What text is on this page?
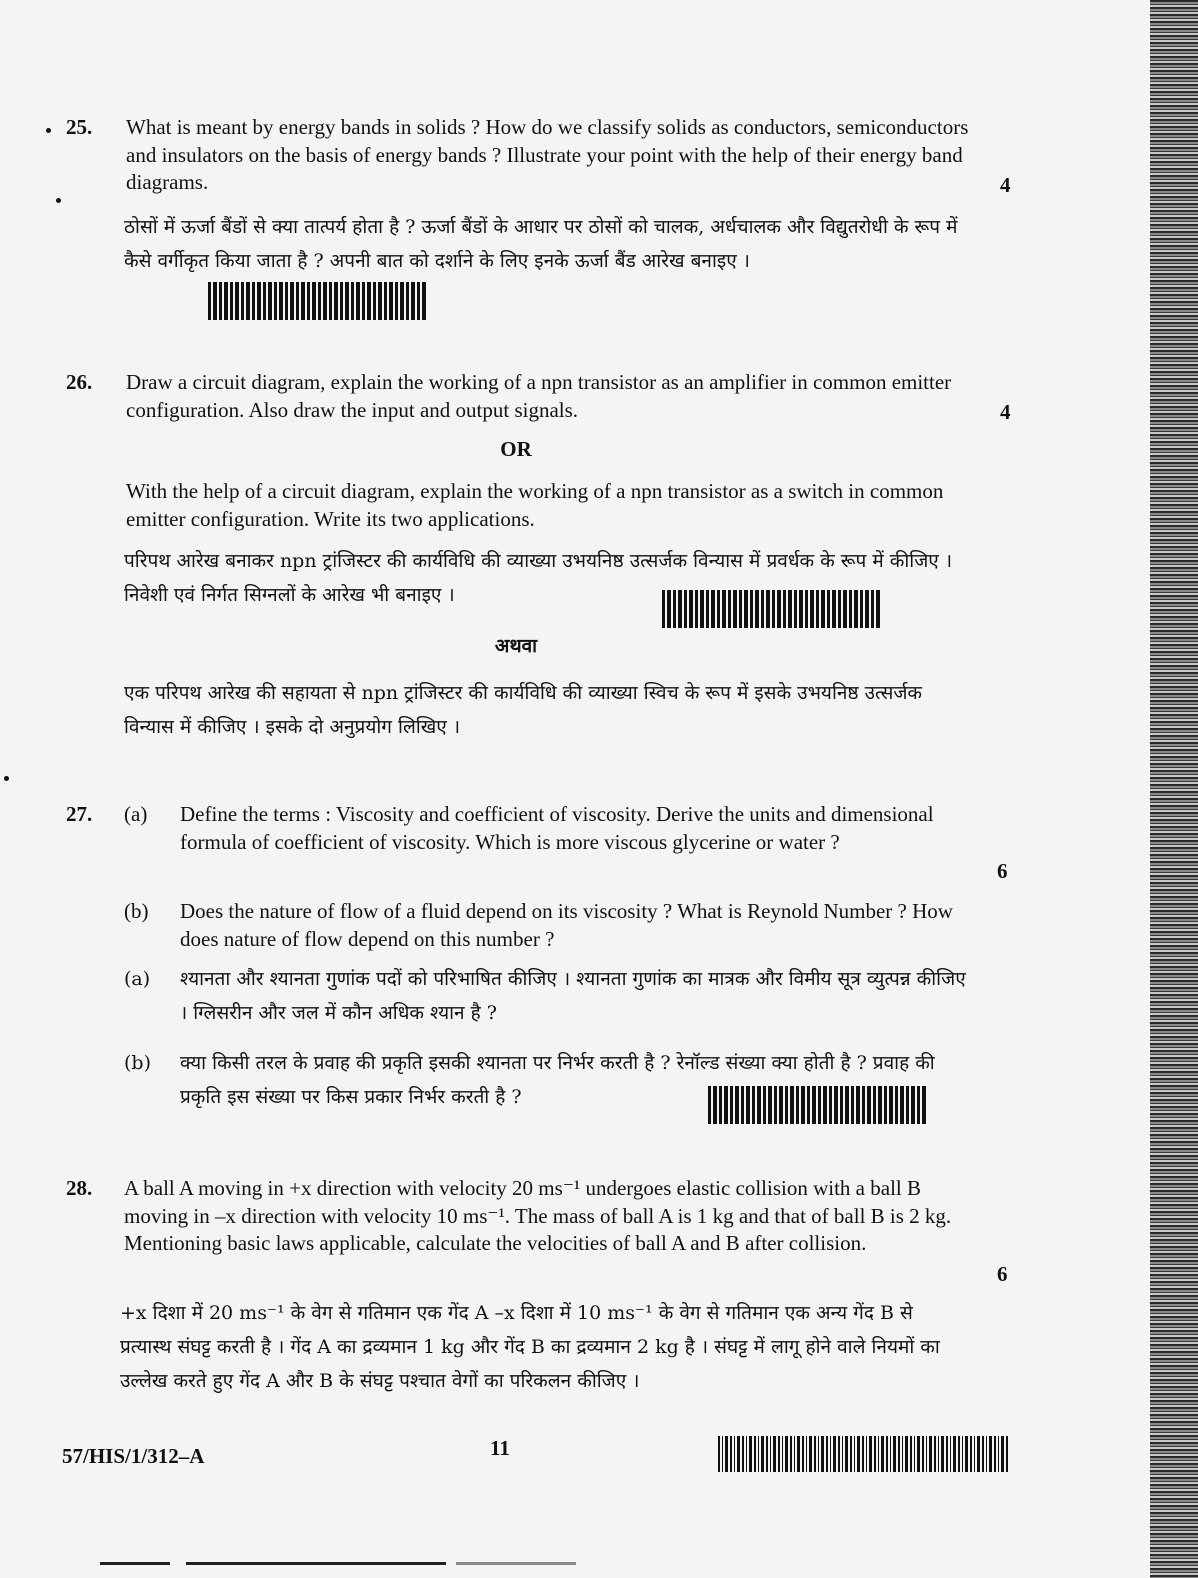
25. What is meant by energy bands in solids ? How do we classify solids as conductors, semiconductors and insulators on the basis of energy bands ? Illustrate your point with the help of their energy band diagrams.	4
ठोसों में ऊर्जा बैंडों से क्या तात्पर्य होता है ? ऊर्जा बैंडों के आधार पर ठोसों को चालक, अर्धचालक और विद्युतरोधी के रूप में कैसे वर्गीकृत किया जाता है ? अपनी बात को दर्शाने के लिए इनके ऊर्जा बैंड आरेख बनाइए ।
26. Draw a circuit diagram, explain the working of a npn transistor as an amplifier in common emitter configuration. Also draw the input and output signals.	4
OR
With the help of a circuit diagram, explain the working of a npn transistor as a switch in common emitter configuration. Write its two applications.
परिपथ आरेख बनाकर npn ट्रांजिस्टर की कार्यविधि की व्याख्या उभयनिष्ठ उत्सर्जक विन्यास में प्रवर्धक के रूप में कीजिए । निवेशी एवं निर्गत सिग्नलों के आरेख भी बनाइए ।
अथवा
एक परिपथ आरेख की सहायता से npn ट्रांजिस्टर की कार्यविधि की व्याख्या स्विच के रूप में इसके उभयनिष्ठ उत्सर्जक विन्यास में कीजिए । इसके दो अनुप्रयोग लिखिए ।
27. (a) Define the terms : Viscosity and coefficient of viscosity. Derive the units and dimensional formula of coefficient of viscosity. Which is more viscous glycerine or water ?
6
(b) Does the nature of flow of a fluid depend on its viscosity ? What is Reynold Number ? How does nature of flow depend on this number ?
(a) श्यानता और श्यानता गुणांक पदों को परिभाषित कीजिए । श्यानता गुणांक का मात्रक और विमीय सूत्र व्युत्पन्न कीजिए । ग्लिसरीन और जल में कौन अधिक श्यान है ?
(b) क्या किसी तरल के प्रवाह की प्रकृति इसकी श्यानता पर निर्भर करती है ? रेनॉल्ड संख्या क्या होती है ? प्रवाह की प्रकृति इस संख्या पर किस प्रकार निर्भर करती है ?
28. A ball A moving in +x direction with velocity 20 ms⁻¹ undergoes elastic collision with a ball B moving in –x direction with velocity 10 ms⁻¹. The mass of ball A is 1 kg and that of ball B is 2 kg. Mentioning basic laws applicable, calculate the velocities of ball A and B after collision.
6
+x दिशा में 20 ms⁻¹ के वेग से गतिमान एक गेंद A –x दिशा में 10 ms⁻¹ के वेग से गतिमान एक अन्य गेंद B से प्रत्यास्थ संघट्ट करती है । गेंद A का द्रव्यमान 1 kg और गेंद B का द्रव्यमान 2 kg है । संघट्ट में लागू होने वाले नियमों का उल्लेख करते हुए गेंद A और B के संघट्ट पश्चात वेगों का परिकलन कीजिए ।
57/HIS/1/312–A	11
